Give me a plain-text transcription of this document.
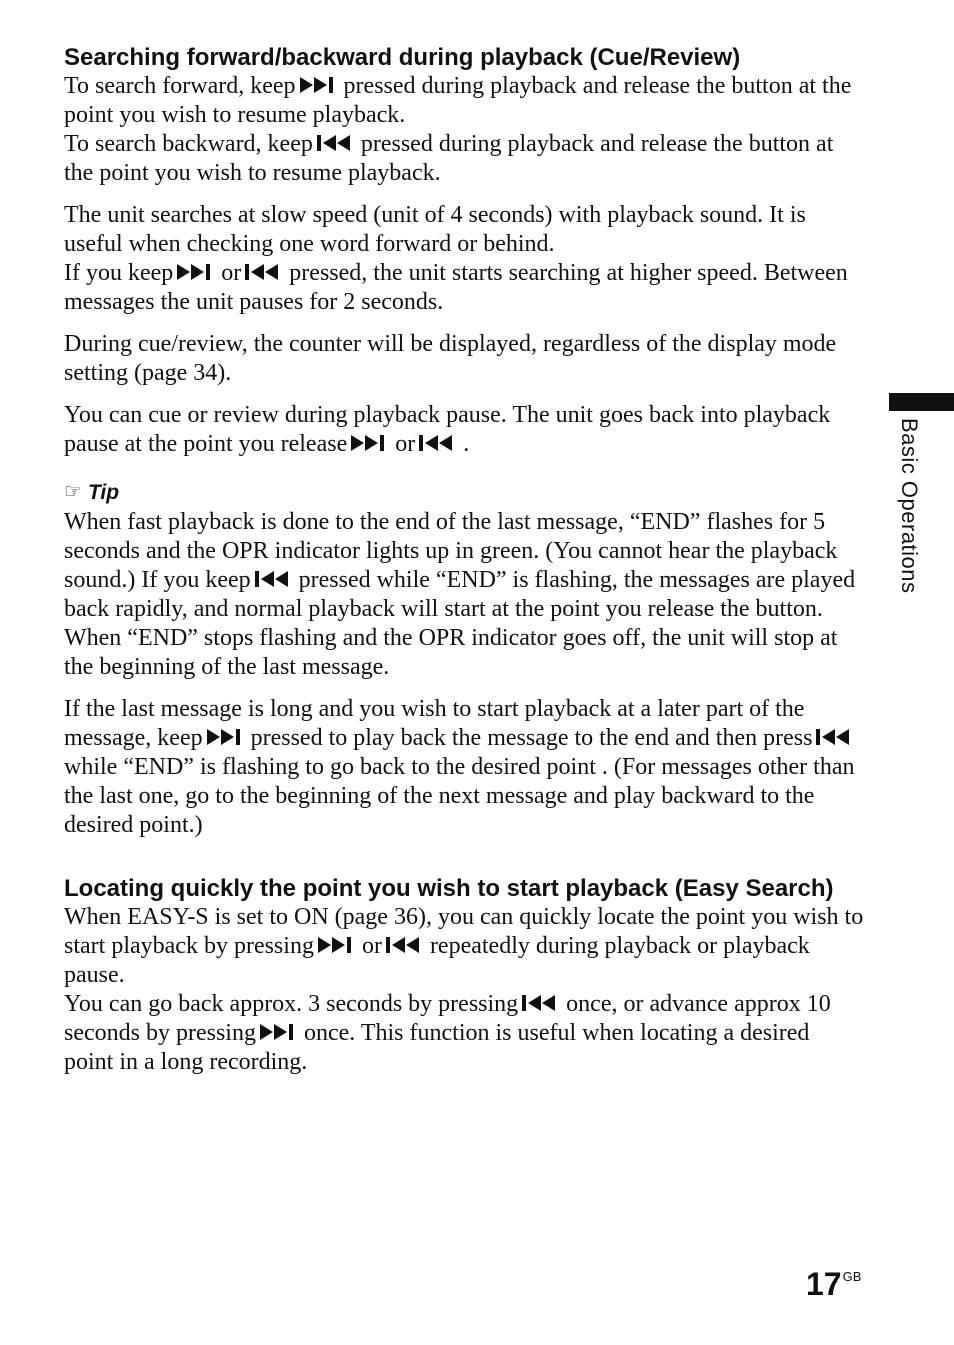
Searching forward/backward during playback (Cue/Review)

To search forward, keep pressed during playback and release the button at the point you wish to resume playback.

To search backward, keep pressed during playback and release the button at the point you wish to resume playback.

The unit searches at slow speed (unit of 4 seconds) with playback sound. It is useful when checking one word forward or behind.

If you keep or pressed, the unit starts searching at higher speed. Between messages the unit pauses for 2 seconds.

During cue/review, the counter will be displayed, regardless of the display mode setting (page 34).

You can cue or review during playback pause. The unit goes back into playback pause at the point you release or .

☞ Tip

When fast playback is done to the end of the last message, “END” flashes for 5 seconds and the OPR indicator lights up in green. (You cannot hear the playback sound.) If you keep pressed while “END” is flashing, the messages are played back rapidly, and normal playback will start at the point you release the button.

When “END” stops flashing and the OPR indicator goes off, the unit will stop at the beginning of the last message.

If the last message is long and you wish to start playback at a later part of the message, keep pressed to play back the message to the end and then press
while “END” is flashing to go back to the desired point . (For messages other than the last one, go to the beginning of the next message and play backward to the desired point.)

Locating quickly the point you wish to start playback (Easy Search)

When EASY-S is set to ON (page 36), you can quickly locate the point you wish to start playback by pressing or repeatedly during playback or playback pause.

You can go back approx. 3 seconds by pressing once, or advance approx 10 seconds by pressing once. This function is useful when locating a desired point in a long recording.

Basic Operations
$17^{GB}$
